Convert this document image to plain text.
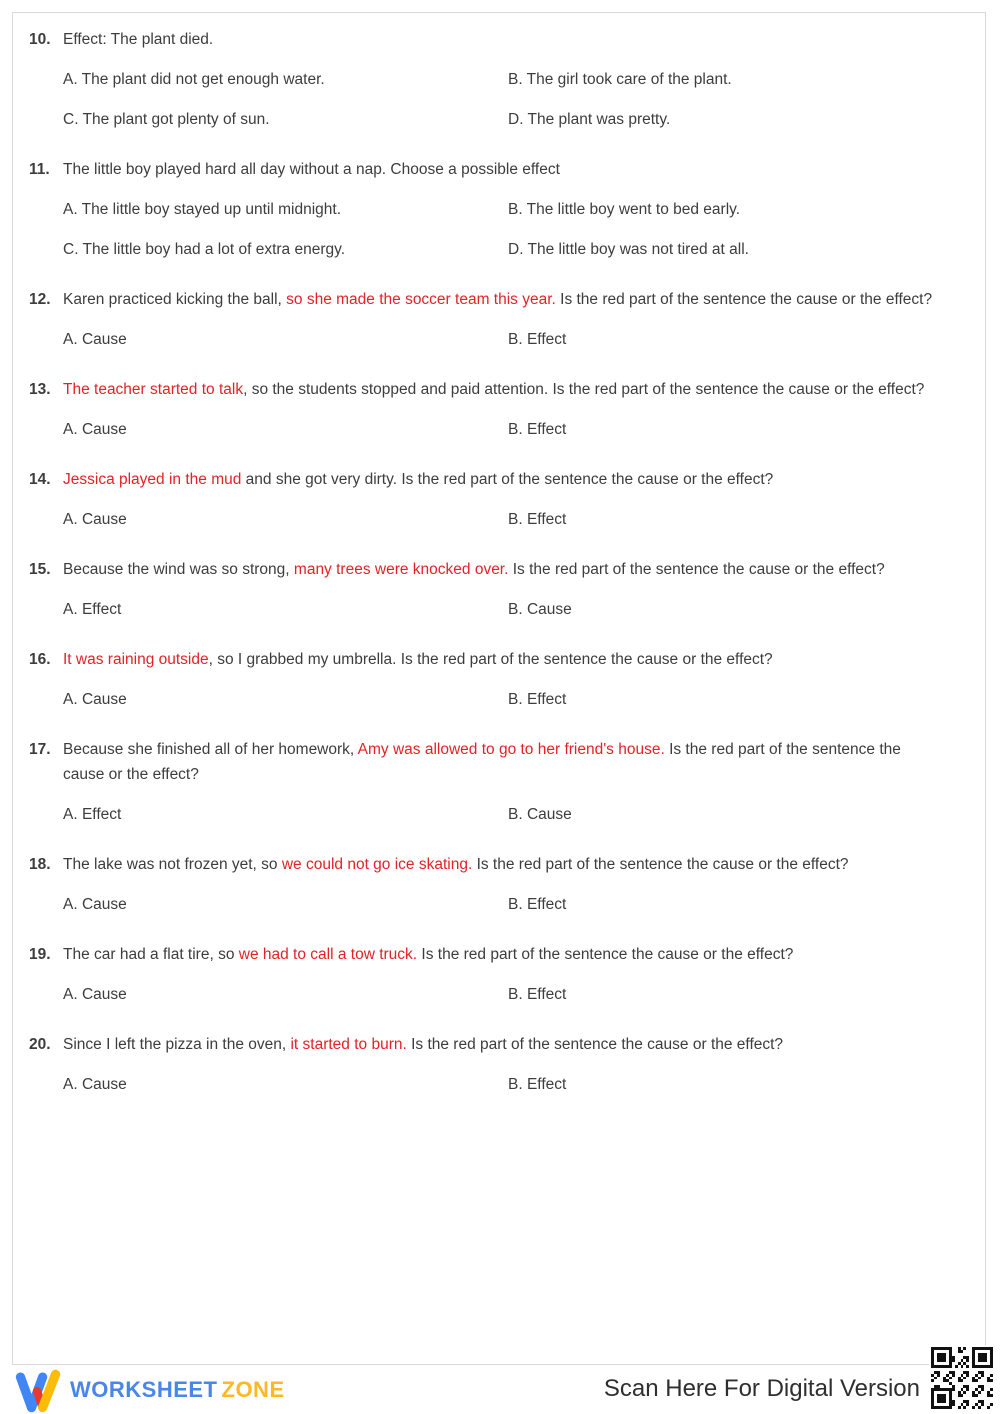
10. Effect: The plant died.
A. The plant did not get enough water.	B. The girl took care of the plant.
C. The plant got plenty of sun.	D. The plant was pretty.
11. The little boy played hard all day without a nap. Choose a possible effect
A. The little boy stayed up until midnight.	B. The little boy went to bed early.
C. The little boy had a lot of extra energy.	D. The little boy was not tired at all.
12. Karen practiced kicking the ball, so she made the soccer team this year. Is the red part of the sentence the cause or the effect?
A. Cause	B. Effect
13. The teacher started to talk, so the students stopped and paid attention. Is the red part of the sentence the cause or the effect?
A. Cause	B. Effect
14. Jessica played in the mud and she got very dirty. Is the red part of the sentence the cause or the effect?
A. Cause	B. Effect
15. Because the wind was so strong, many trees were knocked over. Is the red part of the sentence the cause or the effect?
A. Effect	B. Cause
16. It was raining outside, so I grabbed my umbrella. Is the red part of the sentence the cause or the effect?
A. Cause	B. Effect
17. Because she finished all of her homework, Amy was allowed to go to her friend's house. Is the red part of the sentence the cause or the effect?
A. Effect	B. Cause
18. The lake was not frozen yet, so we could not go ice skating. Is the red part of the sentence the cause or the effect?
A. Cause	B. Effect
19. The car had a flat tire, so we had to call a tow truck. Is the red part of the sentence the cause or the effect?
A. Cause	B. Effect
20. Since I left the pizza in the oven, it started to burn. Is the red part of the sentence the cause or the effect?
A. Cause	B. Effect
WORKSHEET ZONE	Scan Here For Digital Version
